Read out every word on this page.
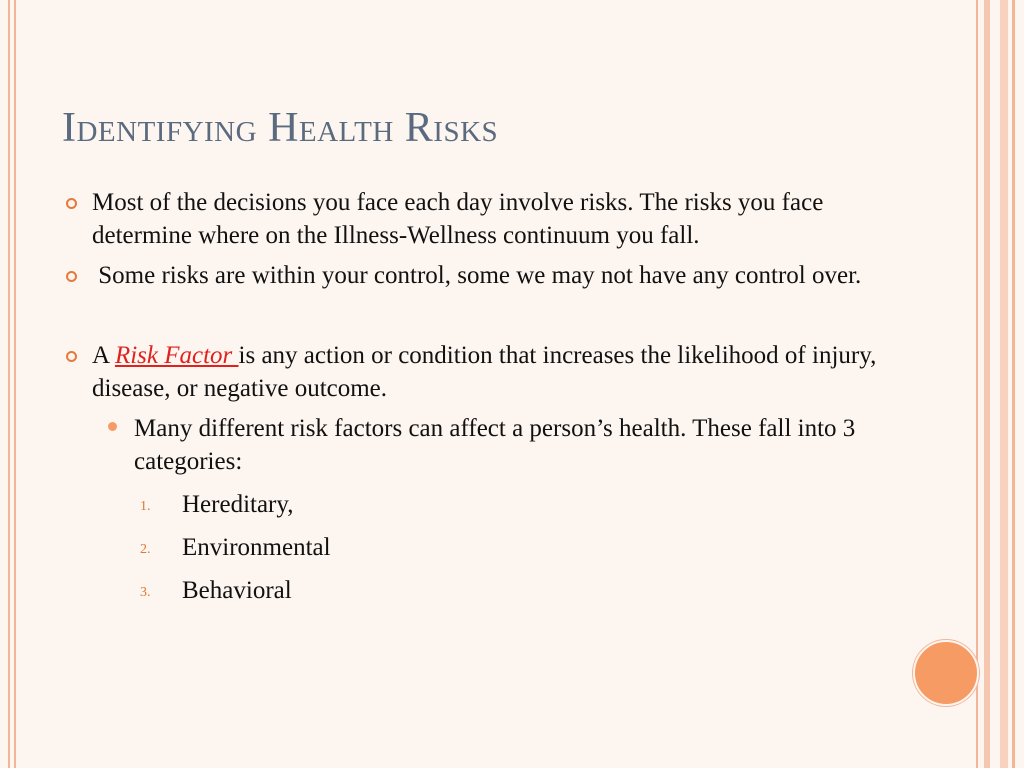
Identifying Health Risks
Most of the decisions you face each day involve risks. The risks you face determine where on the Illness-Wellness continuum you fall.
Some risks are within your control, some we may not have any control over.
A Risk Factor is any action or condition that increases the likelihood of injury, disease, or negative outcome.
Many different risk factors can affect a person’s health. These fall into 3 categories:
1. Hereditary,
2. Environmental
3. Behavioral
